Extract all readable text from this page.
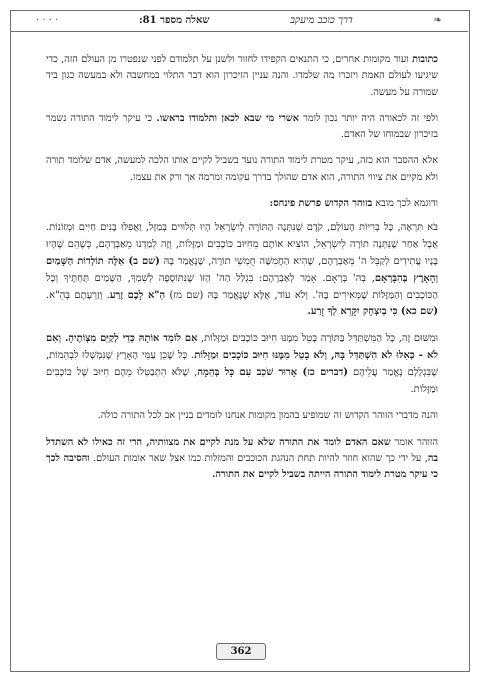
❧
דרך כוכב מיעקב
שאלה מספר 81:
· · · ·

כתובות ועוד מקומות אחרים, כי התנאים הקפידו לחזור ולשנן על תלמודם לפני שנפטרו מן העולם הזה, כדי שיגיעו לעולם האמת ויזכרו מה שלמדו. והנה עניין הזיכרון הוא דבר התלוי במחשבה ולא במעשה כגון ביד שמורה על מעשה.

ולפי זה לכאורה היה יותר נכון לומר אשרי מי שבא לכאן ותלמודו בראשו. כי עיקר לימוד התורה נשמר בזיכרון שבמוחו של האדם.

אלא ההסבר הוא כזה, עיקר מטרת לימוד התורה נועד בשביל לקיים אותו הלכה למעשה, אדם שלומד תורה ולא מקיים את ציווי התורה, הוא אדם שהולך בדרך עקומה ומרמה אך ורק את עצמו.

ודוגמא לכך מובא בזוהר הקדוש פרשת פינחס:

בֹּא תִּרְאֶה, כָּל בְּרִיּוֹת הָעוֹלָם, קֹדֶם שֶׁנִּתְּנָה הַתּוֹרָה לְיִשְׂרָאֵל הָיוּ תְּלוּיִים בְּמַזָּל, וַאֲפִלּוּ בָּנִים חַיִּים וּמְזוֹנוֹת. אֲבָל אַחַר שֶׁנִּתְּנָה תוֹרָה לְיִשְׂרָאֵל, הוֹצִיא אוֹתָם מֵחִיּוּב כּוֹכָבִים וּמַזָּלוֹת, וְזֶה לְמַדְנוּ מֵאַבְרָהָם, כְּשֶׁהֵם שֶׁהָיוּ בָּנָיו עֲתִידִים לְקַבֵּל ה' מֵאַבְרָהָם, שֶׁהִיא הַחֲמִשָּׁה חֻמְשֵׁי תוֹרָה, שֶׁנֶּאֱמַר בָּהּ (שם ב) אֵלֶּה תוֹלְדוֹת הַשָּׁמַיִם וְהָאָרֶץ בְּהִבָּרְאָם, בְּה' בְּרָאָם. אָמַר לְאַבְרָהָם: בִּגְלַל הַה' הַזּוֹ שֶׁנִּתּוֹסְפָה לְשִׁמְךָ, הַשָּׁמַיִם תַּחְתֶּיךָ וְכָל הַכּוֹכָבִים וְהַמַּזָּלוֹת שֶׁמְּאִירִים בָּהּ'. וְלֹא עוֹד, אֶלָּא שֶׁנֶּאֱמַר בָּהּ (שם מז) הֵ"א לָכֶם זֶרַע. וְזַרְעָתֶם בְּהֵ"א. (שם כא) כִּי בְיִצְחָק יִקָּרֵא לְךָ זָרַע.

וּמִשּׁוּם זֶה, כָּל הַמִּשְׁתַּדֵּל בַּתּוֹרָה בָּטֵל מִמֶּנּוּ חִיּוּב כּוֹכָבִים וּמַזָּלוֹת, אִם לוֹמֵד אוֹתָהּ כְּדֵי לְקַיֵּם מִצְוֹתֶיהָ. וְאִם לֹא - כְּאִלּוּ לֹא הִשְׁתַּדֵּל בָּהּ, וְלֹא בָטֵל מִמֶּנּוּ חִיּוּב כּוֹכָבִים וּמַזָּלוֹת. כָּל שֶׁכֵּן עַמֵּי הָאָרֶץ שֶׁנִּמְשְׁלוּ לִבְהֵמוֹת, שֶׁבִּגְלָלָם נֶאֱמַר עֲלֵיהֶם (דברים כז) אָרוּר שֹׁכֵב עִם כָּל בְּהֵמָה, שֶׁלֹּא הִתְבַּטְּלוּ מֵהֶם חִיּוּב שֶׁל כּוֹכָבִים וּמַזָּלוֹת.

והנה מדברי הזוהר הקדוש זה שמופיע בהמון מקומות אנחנו לומדים בניין אב לכל התורה כולה.

הזוהר אומר שאם האדם לומד את התורה שלא על מנת לקיים את מצוותיה, הרי זה כאילו לא השתדל בה, על ידי כך שהוא חוזר להיות תחת הנהגת הכוכבים והמזלות כמו אצל שאר אומות העולם. והסיבה לכך כי עיקר מטרת לימוד התורה הייתה בשביל לקיים את התורה.

362
